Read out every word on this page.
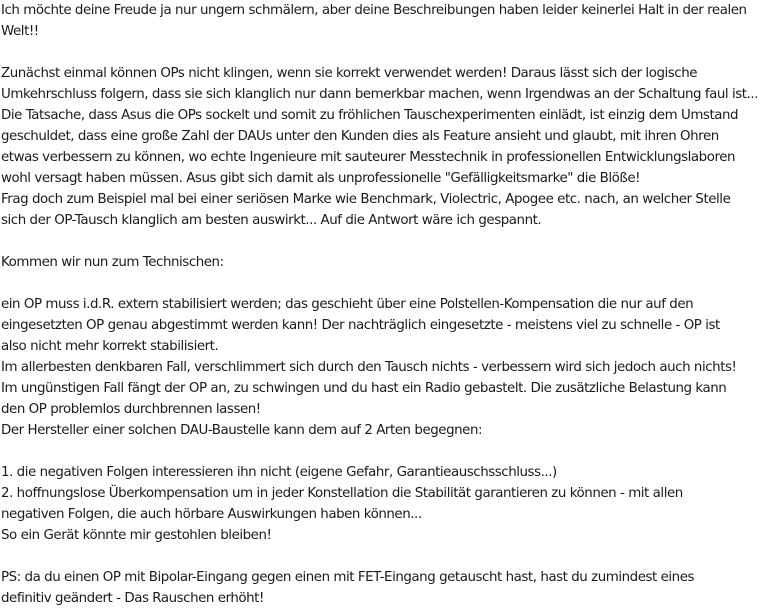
Ich möchte deine Freude ja nur ungern schmälern, aber deine Beschreibungen haben leider keinerlei Halt in der realen
Welt!!
Zunächst einmal können OPs nicht klingen, wenn sie korrekt verwendet werden! Daraus lässt sich der logische
Umkehrschluss folgern, dass sie sich klanglich nur dann bemerkbar machen, wenn Irgendwas an der Schaltung faul ist...
Die Tatsache, dass Asus die OPs sockelt und somit zu fröhlichen Tauschexperimenten einlädt, ist einzig dem Umstand
geschuldet, dass eine große Zahl der DAUs unter den Kunden dies als Feature ansieht und glaubt, mit ihren Ohren
etwas verbessern zu können, wo echte Ingenieure mit sauteurer Messtechnik in professionellen Entwicklungslaboren
wohl versagt haben müssen. Asus gibt sich damit als unprofessionelle "Gefälligkeitsmarke" die Blöße!
Frag doch zum Beispiel mal bei einer seriösen Marke wie Benchmark, Violectric, Apogee etc. nach, an welcher Stelle
sich der OP-Tausch klanglich am besten auswirkt... Auf die Antwort wäre ich gespannt.
Kommen wir nun zum Technischen:
ein OP muss i.d.R. extern stabilisiert werden; das geschieht über eine Polstellen-Kompensation die nur auf den
eingesetzten OP genau abgestimmt werden kann! Der nachträglich eingesetzte - meistens viel zu schnelle - OP ist
also nicht mehr korrekt stabilisiert.
Im allerbesten denkbaren Fall, verschlimmert sich durch den Tausch nichts - verbessern wird sich jedoch auch nichts!
Im ungünstigen Fall fängt der OP an, zu schwingen und du hast ein Radio gebastelt. Die zusätzliche Belastung kann
den OP problemlos durchbrennen lassen!
Der Hersteller einer solchen DAU-Baustelle kann dem auf 2 Arten begegnen:
1. die negativen Folgen interessieren ihn nicht (eigene Gefahr, Garantieauschsschluss...)
2. hoffnungslose Überkompensation um in jeder Konstellation die Stabilität garantieren zu können - mit allen
negativen Folgen, die auch hörbare Auswirkungen haben können...
So ein Gerät könnte mir gestohlen bleiben!
PS: da du einen OP mit Bipolar-Eingang gegen einen mit FET-Eingang getauscht hast, hast du zumindest eines
definitiv geändert - Das Rauschen erhöht!
